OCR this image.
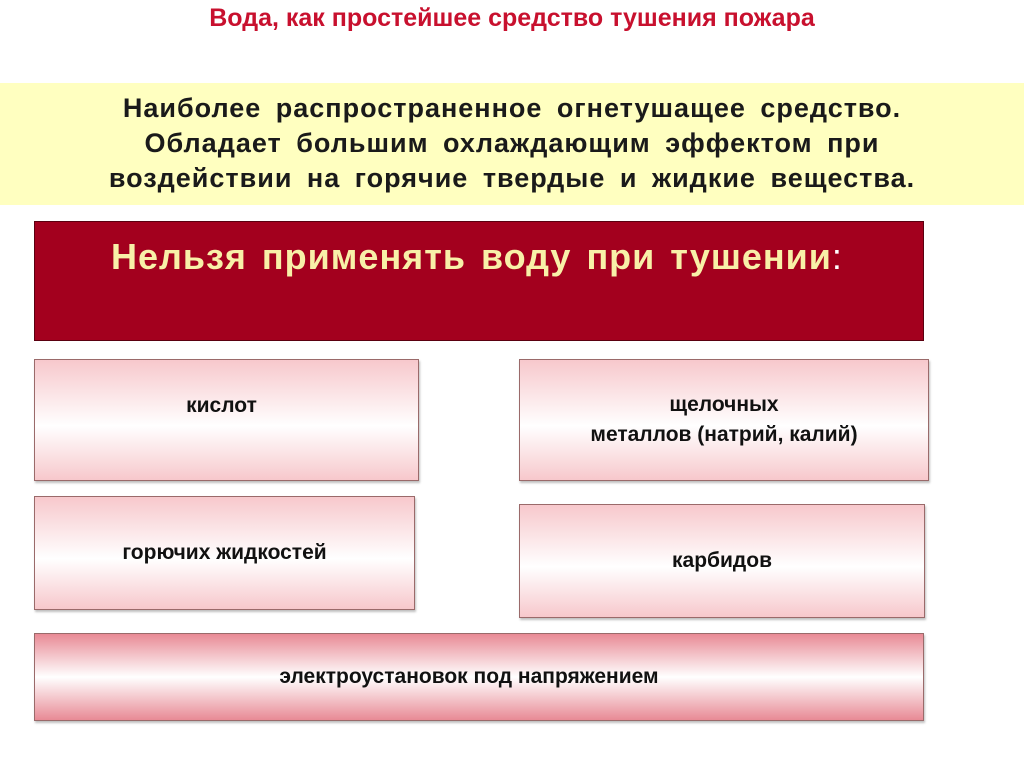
Вода, как простейшее средство тушения пожара
Наиболее распространенное огнетушащее средство.
Обладает большим охлаждающим эффектом при
воздействии на горячие твердые и жидкие вещества.
Нельзя применять воду при тушении:
кислот	щелочных
металлов (натрий, калий)
горючих жидкостей	карбидов
электроустановок под напряжением
